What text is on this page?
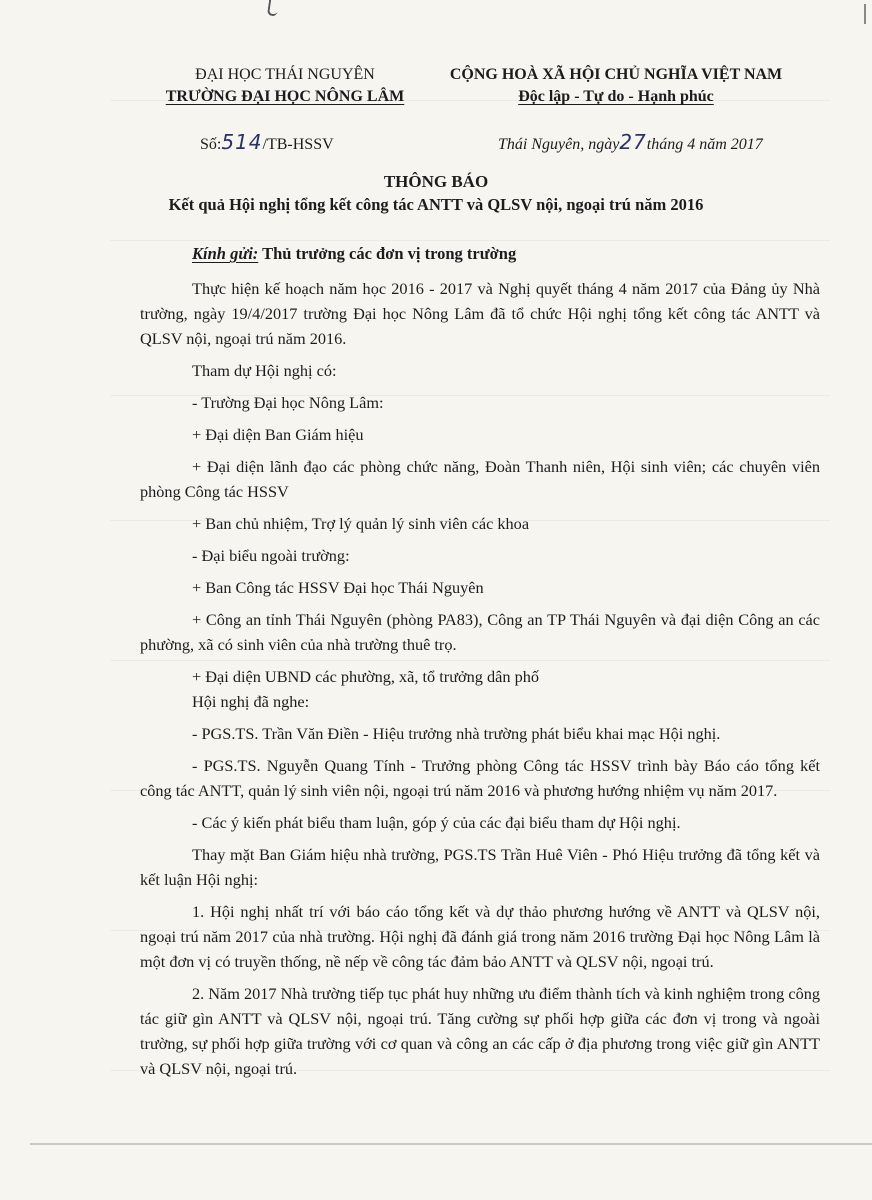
ĐẠI HỌC THÁI NGUYÊN
TRƯỜNG ĐẠI HỌC NÔNG LÂM
CỘNG HOÀ XÃ HỘI CHỦ NGHĨA VIỆT NAM
Độc lập - Tự do - Hạnh phúc
Số:514/TB-HSSV	Thái Nguyên, ngày27tháng 4 năm 2017
THÔNG BÁO
Kết quả Hội nghị tổng kết công tác ANTT và QLSV nội, ngoại trú năm 2016
Kính gửi: Thủ trưởng các đơn vị trong trường

Thực hiện kế hoạch năm học 2016 - 2017 và Nghị quyết tháng 4 năm 2017 của Đảng ủy Nhà trường, ngày 19/4/2017 trường Đại học Nông Lâm đã tổ chức Hội nghị tổng kết công tác ANTT và QLSV nội, ngoại trú năm 2016.

Tham dự Hội nghị có:

- Trường Đại học Nông Lâm:

+ Đại diện Ban Giám hiệu

+ Đại diện lãnh đạo các phòng chức năng, Đoàn Thanh niên, Hội sinh viên; các chuyên viên phòng Công tác HSSV

+ Ban chủ nhiệm, Trợ lý quản lý sinh viên các khoa

- Đại biểu ngoài trường:

+ Ban Công tác HSSV Đại học Thái Nguyên

+ Công an tỉnh Thái Nguyên (phòng PA83), Công an TP Thái Nguyên và đại diện Công an các phường, xã có sinh viên của nhà trường thuê trọ.

+ Đại diện UBND các phường, xã, tổ trưởng dân phố

Hội nghị đã nghe:

- PGS.TS. Trần Văn Điền - Hiệu trưởng nhà trường phát biểu khai mạc Hội nghị.

- PGS.TS. Nguyễn Quang Tính - Trưởng phòng Công tác HSSV trình bày Báo cáo tổng kết công tác ANTT, quản lý sinh viên nội, ngoại trú năm 2016 và phương hướng nhiệm vụ năm 2017.

- Các ý kiến phát biểu tham luận, góp ý của các đại biểu tham dự Hội nghị.

Thay mặt Ban Giám hiệu nhà trường, PGS.TS Trần Huê Viên - Phó Hiệu trưởng đã tổng kết và kết luận Hội nghị:

1. Hội nghị nhất trí với báo cáo tổng kết và dự thảo phương hướng về ANTT và QLSV nội, ngoại trú năm 2017 của nhà trường. Hội nghị đã đánh giá trong năm 2016 trường Đại học Nông Lâm là một đơn vị có truyền thống, nề nếp về công tác đảm bảo ANTT và QLSV nội, ngoại trú.

2. Năm 2017 Nhà trường tiếp tục phát huy những ưu điểm thành tích và kinh nghiệm trong công tác giữ gìn ANTT và QLSV nội, ngoại trú. Tăng cường sự phối hợp giữa các đơn vị trong và ngoài trường, sự phối hợp giữa trường với cơ quan và công an các cấp ở địa phương trong việc giữ gìn ANTT và QLSV nội, ngoại trú.
